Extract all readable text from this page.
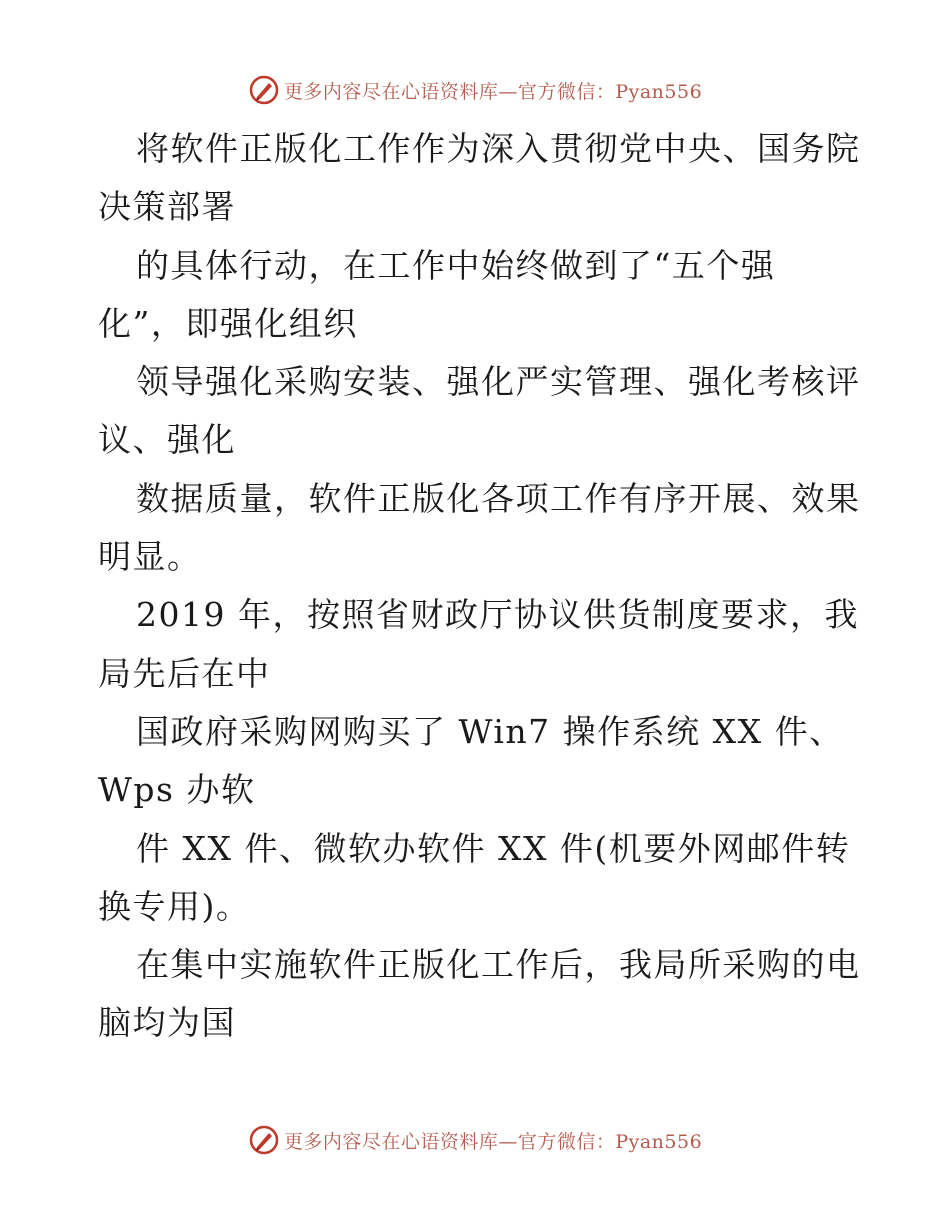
更多内容尽在心语资料库—官方微信：Pyan556
将软件正版化工作作为深入贯彻党中央、国务院
决策部署
的具体行动，在工作中始终做到了“五个强
化”，即强化组织
领导强化采购安装、强化严实管理、强化考核评
议、强化
数据质量，软件正版化各项工作有序开展、效果
明显。
2019 年，按照省财政厅协议供货制度要求，我
局先后在中
国政府采购网购买了 Win7 操作系统 XX 件、
Wps 办软
件 XX 件、微软办软件 XX 件(机要外网邮件转
换专用)。
在集中实施软件正版化工作后，我局所采购的电
脑均为国
更多内容尽在心语资料库—官方微信：Pyan556
